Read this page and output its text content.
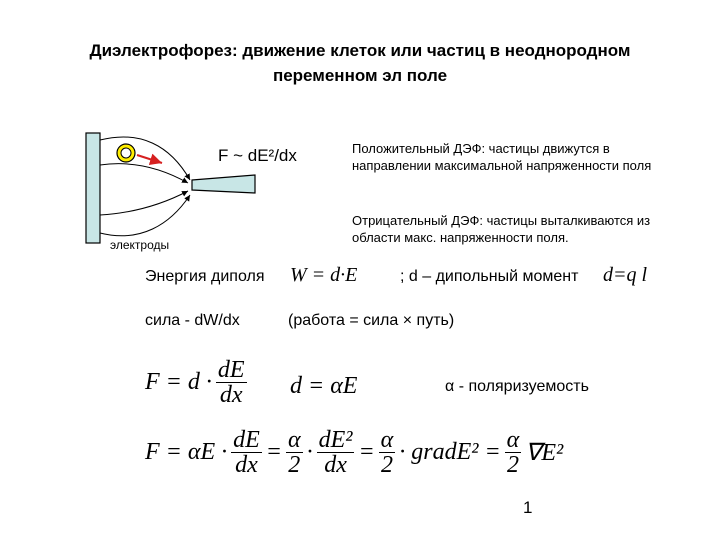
Диэлектрофорез: движение клеток или частиц в неоднородном
переменном эл поле
F ~ dE²/dx
электроды
Положительный ДЭФ: частицы движутся в
направлении максимальной напряженности поля
Отрицательный ДЭФ: частицы выталкиваются из
области макс. напряженности поля.
Энергия диполя W = d·E	; d – дипольный момент d=q l
сила - dW/dx	(работа = сила × путь)
$F = d \cdot \frac{dE}{dx}$ d = αE	α - поляризуемость
$F = \alpha E \cdot \frac{dE}{dx} = \frac{\alpha}{2} \cdot \frac{\text{dE²}}{dx} = \frac{\alpha}{2}$ · gradE² = $\frac{\alpha}{2} \nabla E^2$
1
